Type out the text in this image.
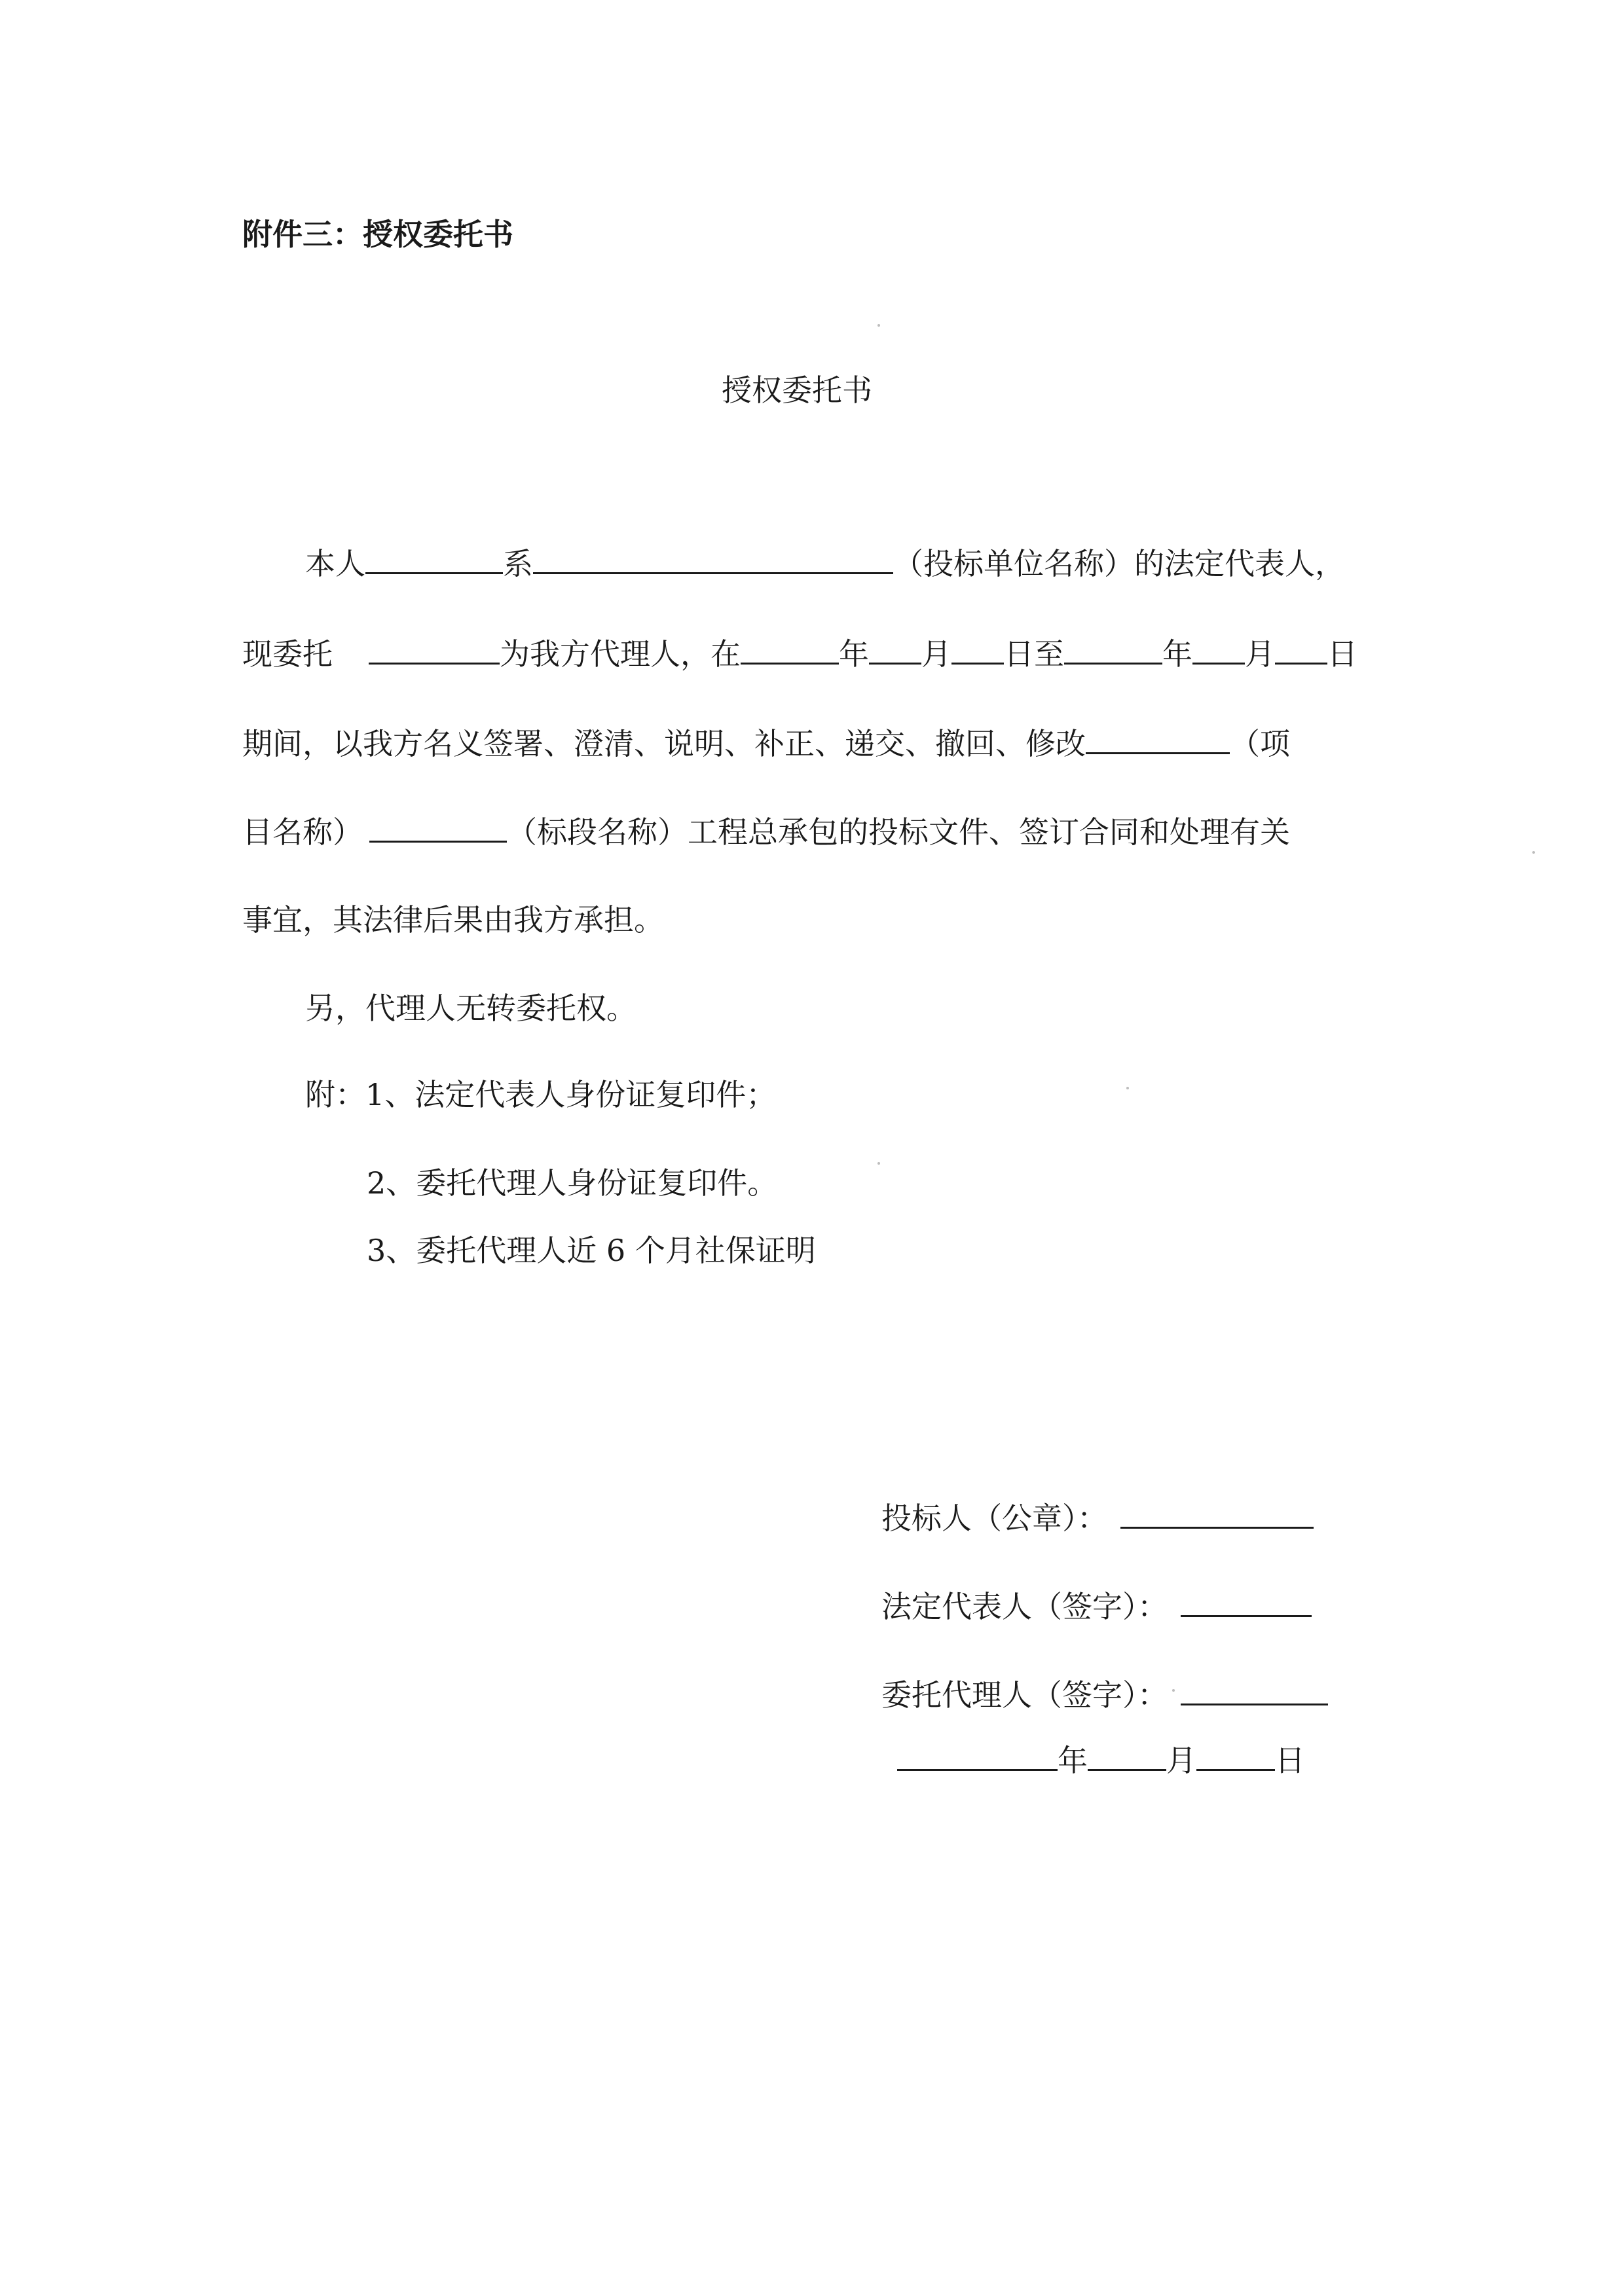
附件三：授权委托书
授权委托书
本人	系	（投标单位名称）的法定代表人，
现委托	为我方代理人，在	年 月 日至	年 月 日
期间，以我方名义签署、澄清、说明、补正、递交、撤回、修改	（项
目名称）	（标段名称）工程总承包的投标文件、签订合同和处理有关
事宜，其法律后果由我方承担。
另，代理人无转委托权。
附：1、法定代表人身份证复印件；
2、委托代理人身份证复印件。
3、委托代理人近 6 个月社保证明
投标人（公章）：
法定代表人（签字）：
委托代理人（签字）：
年	月	日
